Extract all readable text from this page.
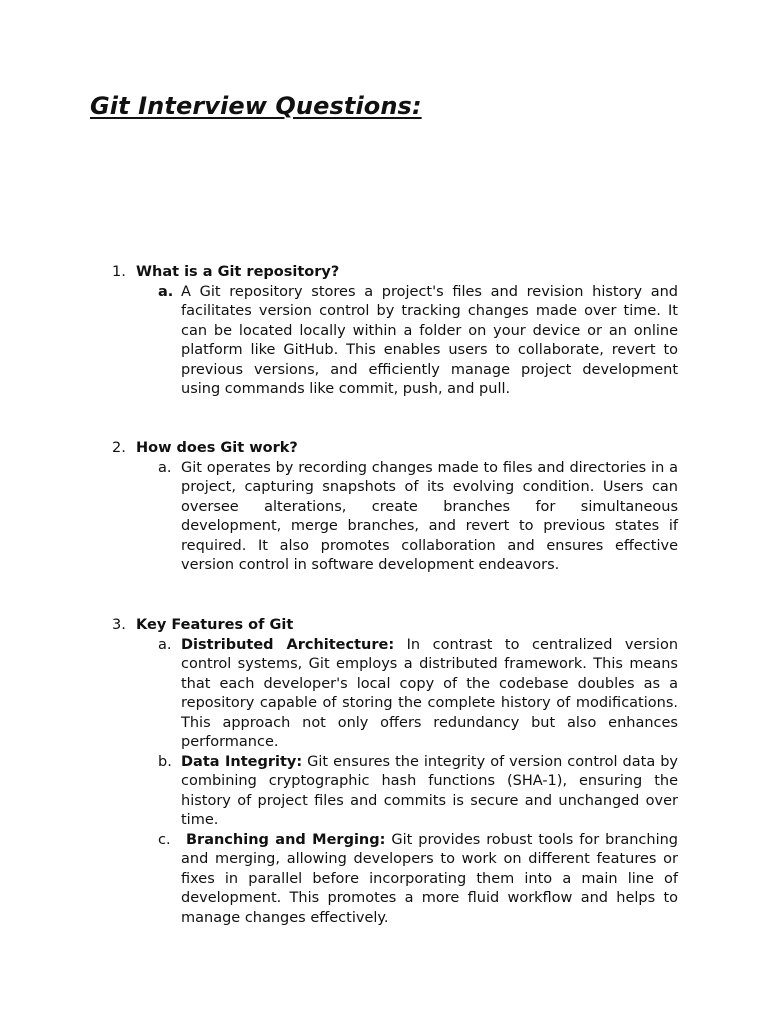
Git Interview Questions:
1. What is a Git repository?
a. A Git repository stores a project's files and revision history and facilitates version control by tracking changes made over time. It can be located locally within a folder on your device or an online platform like GitHub. This enables users to collaborate, revert to previous versions, and efficiently manage project development using commands like commit, push, and pull.
2. How does Git work?
a. Git operates by recording changes made to files and directories in a project, capturing snapshots of its evolving condition. Users can oversee alterations, create branches for simultaneous development, merge branches, and revert to previous states if required. It also promotes collaboration and ensures effective version control in software development endeavors.
3. Key Features of Git
a. Distributed Architecture: In contrast to centralized version control systems, Git employs a distributed framework. This means that each developer's local copy of the codebase doubles as a repository capable of storing the complete history of modifications. This approach not only offers redundancy but also enhances performance.
b. Data Integrity: Git ensures the integrity of version control data by combining cryptographic hash functions (SHA-1), ensuring the history of project files and commits is secure and unchanged over time.
c. Branching and Merging: Git provides robust tools for branching and merging, allowing developers to work on different features or fixes in parallel before incorporating them into a main line of development. This promotes a more fluid workflow and helps to manage changes effectively.
